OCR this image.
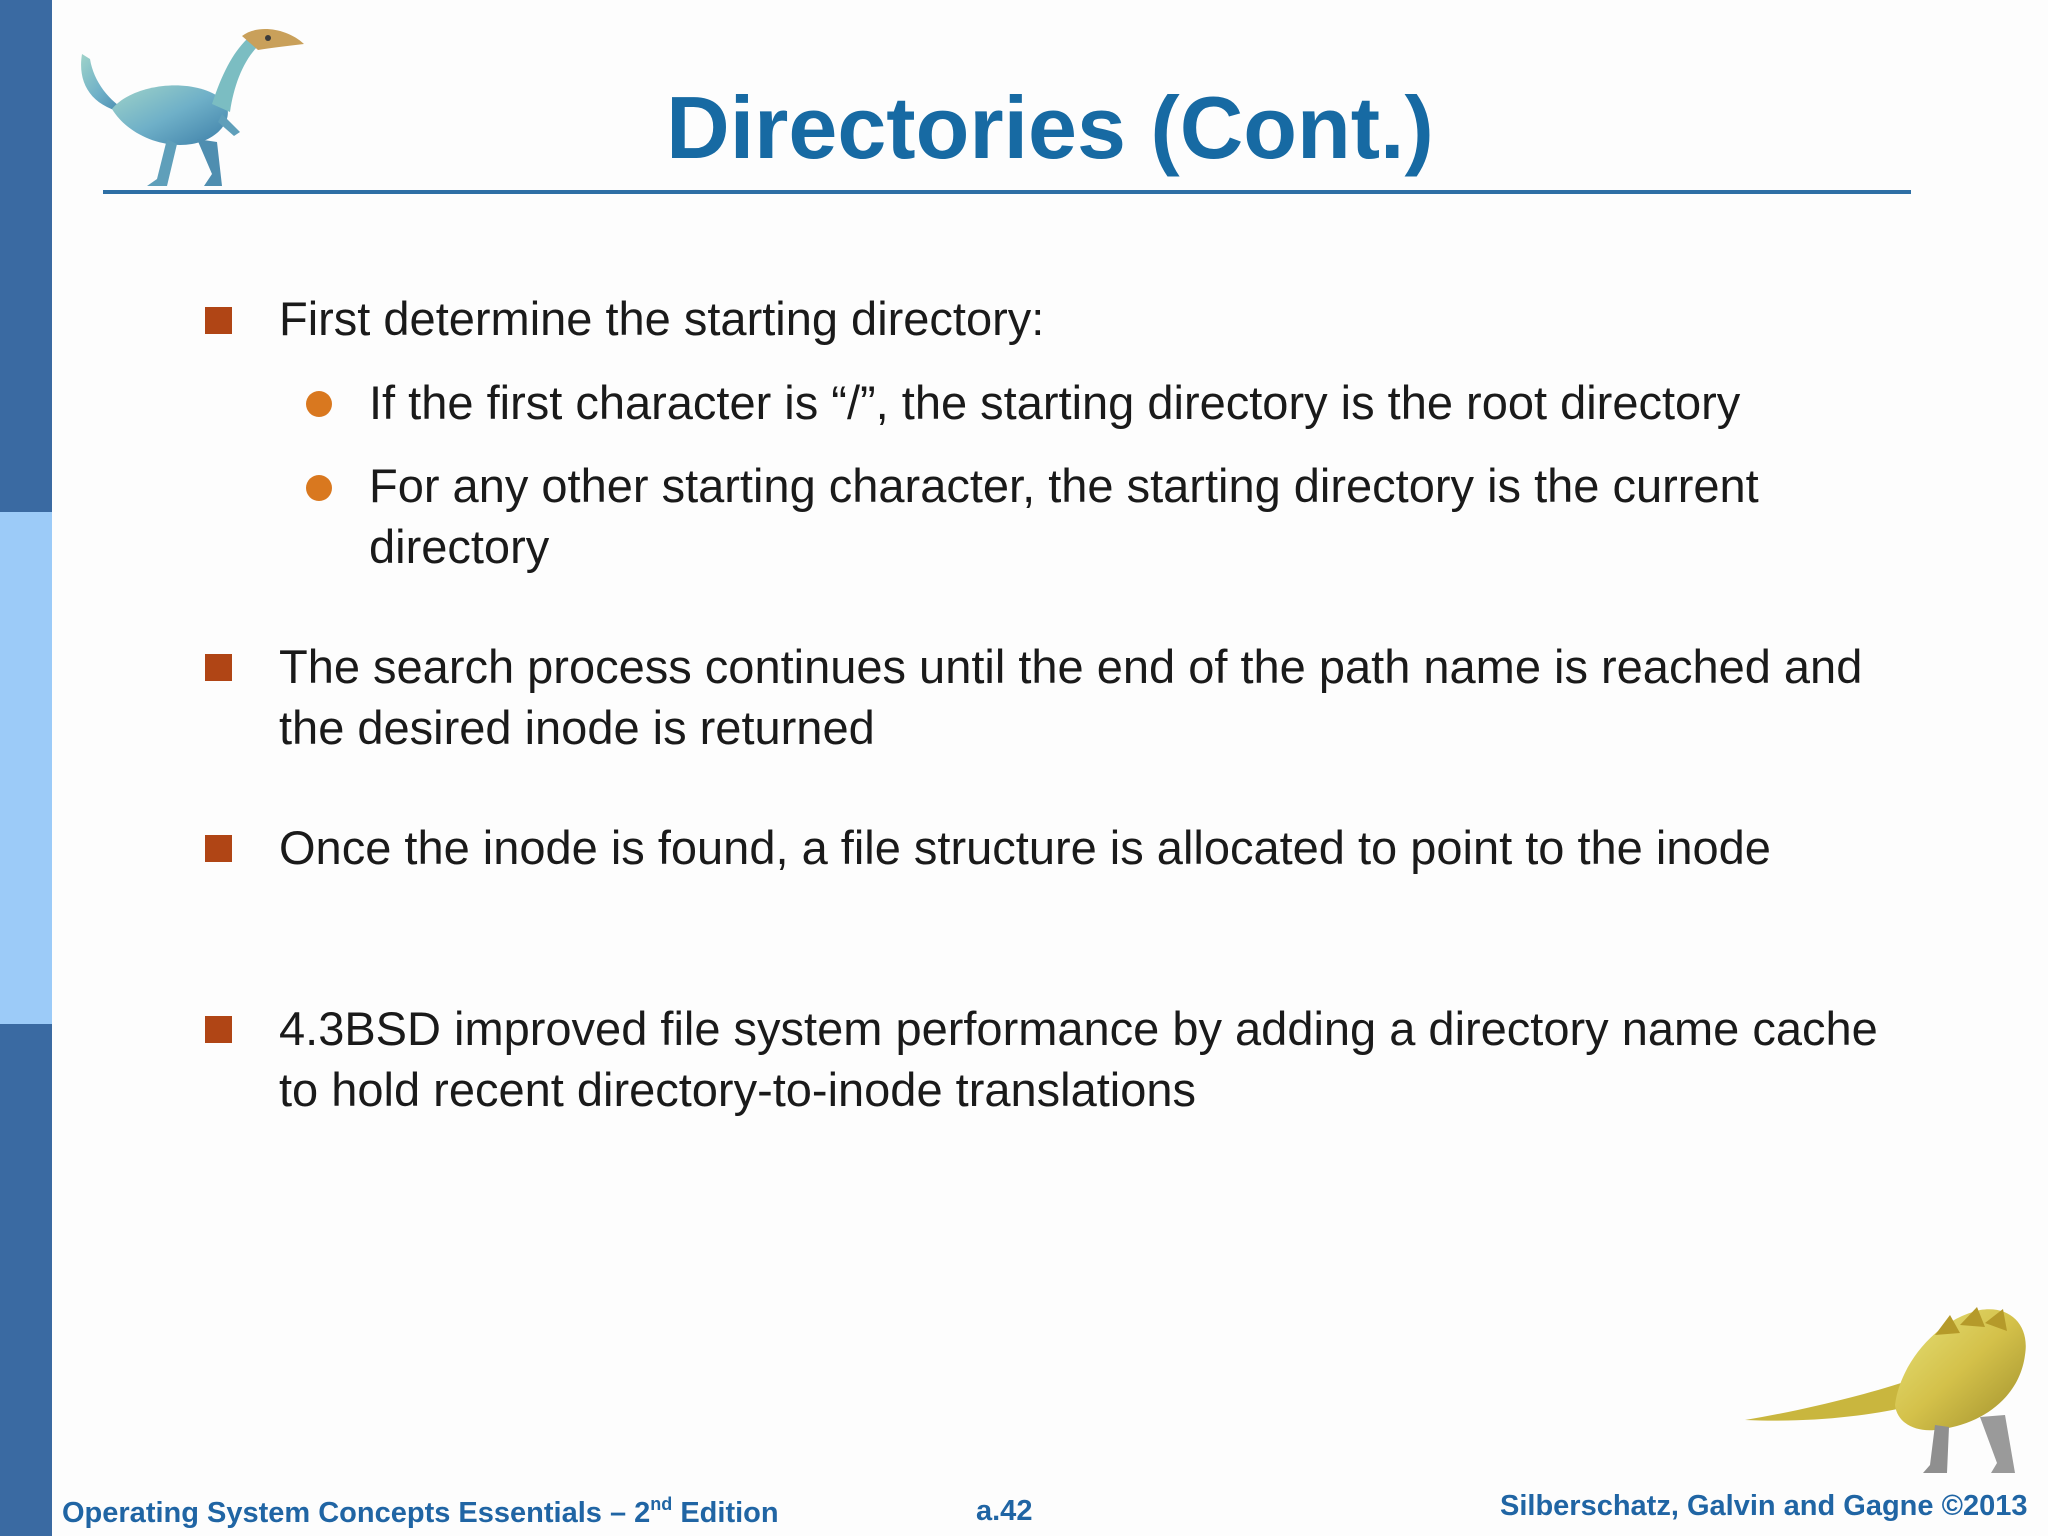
Directories (Cont.)
First determine the starting directory:
If the first character is “/”, the starting directory is the root directory
For any other starting character, the starting directory is the current directory
The search process continues until the end of the path name is reached and the desired inode is returned
Once the inode is found, a file structure is allocated to point to the inode
4.3BSD improved file system performance by adding a directory name cache to hold recent directory-to-inode translations
Operating System Concepts Essentials – 2nd Edition	a.42	Silberschatz, Galvin and Gagne ©2013
